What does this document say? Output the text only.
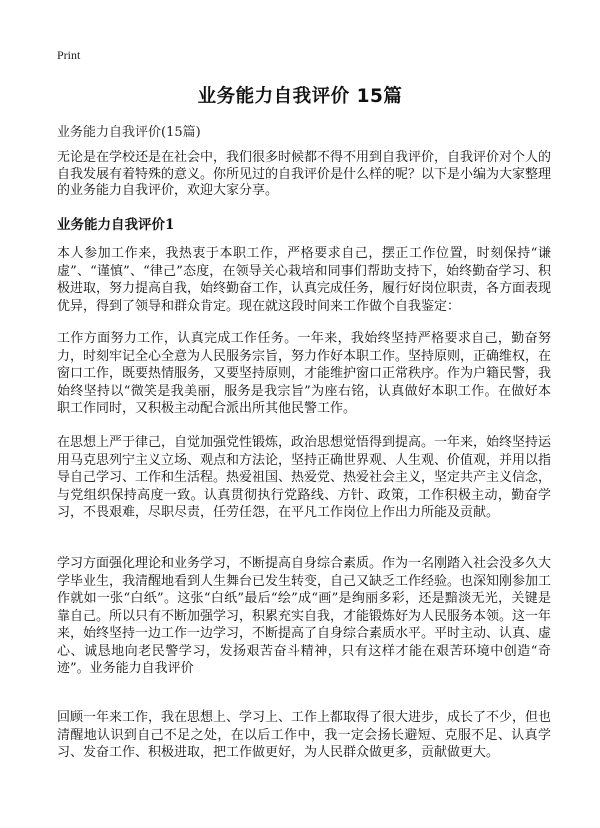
Print
业务能力自我评价 15篇
业务能力自我评价(15篇)

无论是在学校还是在社会中，我们很多时候都不得不用到自我评价，自我评价对个人的自我发展有着特殊的意义。你所见过的自我评价是什么样的呢？以下是小编为大家整理的业务能力自我评价，欢迎大家分享。

业务能力自我评价1

本人参加工作来，我热衷于本职工作，严格要求自己，摆正工作位置，时刻保持“谦虚”、“谨慎”、“律己”态度，在领导关心栽培和同事们帮助支持下，始终勤奋学习、积极进取，努力提高自我，始终勤奋工作，认真完成任务，履行好岗位职责，各方面表现优异，得到了领导和群众肯定。现在就这段时间来工作做个自我鉴定：

工作方面努力工作，认真完成工作任务。一年来，我始终坚持严格要求自己，勤奋努力，时刻牢记全心全意为人民服务宗旨，努力作好本职工作。坚持原则，正确维权，在窗口工作，既要热情服务，又要坚持原则，才能维护窗口正常秩序。作为户籍民警，我始终坚持以“微笑是我美丽，服务是我宗旨”为座右铭，认真做好本职工作。在做好本职工作同时，又积极主动配合派出所其他民警工作。

在思想上严于律己，自觉加强党性锻炼，政治思想觉悟得到提高。一年来，始终坚持运用马克思列宁主义立场、观点和方法论，坚持正确世界观、人生观、价值观，并用以指导自己学习、工作和生活程。热爱祖国、热爱党、热爱社会主义，坚定共产主义信念，与党组织保持高度一致。认真贯彻执行党路线、方针、政策，工作积极主动，勤奋学习，不畏艰难，尽职尽责，任劳任怨，在平凡工作岗位上作出力所能及贡献。

学习方面强化理论和业务学习，不断提高自身综合素质。作为一名刚踏入社会没多久大学毕业生，我清醒地看到人生舞台已发生转变，自己又缺乏工作经验。也深知刚参加工作就如一张“白纸”。这张“白纸”最后“绘”成“画”是绚丽多彩，还是黯淡无光，关键是靠自己。所以只有不断加强学习，积累充实自我，才能锻炼好为人民服务本领。这一年来，始终坚持一边工作一边学习，不断提高了自身综合素质水平。平时主动、认真、虚心、诚恳地向老民警学习，发扬艰苦奋斗精神，只有这样才能在艰苦环境中创造“奇迹”。业务能力自我评价

回顾一年来工作，我在思想上、学习上、工作上都取得了很大进步，成长了不少，但也清醒地认识到自己不足之处，在以后工作中，我一定会扬长避短、克服不足、认真学习、发奋工作、积极进取，把工作做更好，为人民群众做更多，贡献做更大。
